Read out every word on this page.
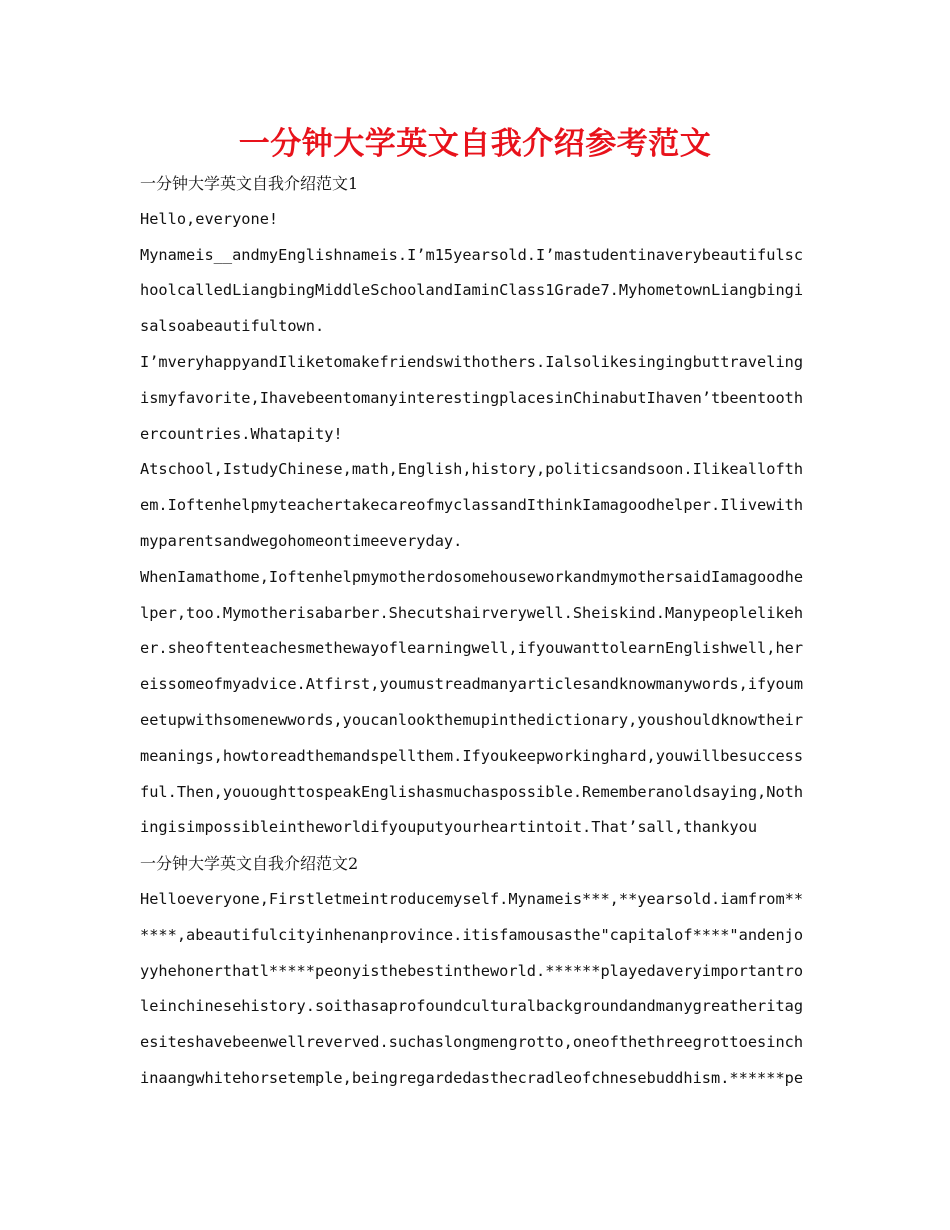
一分钟大学英文自我介绍参考范文

一分钟大学英文自我介绍范文1

Hello,everyone!

Mynameis__andmyEnglishnameis.I’m15yearsold.I’mastudentinaverybeautifulschoolcalledLiangbingMiddleSchoolandIaminClass1Grade7.MyhometownLiangbingisalsoabeautifultown.

I’mveryhappyandIliketomakefriendswithothers.Ialsolikesingingbuttravelingismyfavorite,IhavebeentomanyinterestingplacesinChinabutIhaven’tbeentoothercountries.Whatapity!

Atschool,IstudyChinese,math,English,history,politicsandsoon.Ilikeallofthem.IoftenhelpmyteachertakecareofmyclassandIthinkIamagoodhelper.Ilivewithmyparentsandwegohomeontimeeveryday.

WhenIamathome,IoftenhelpmymotherdosomehouseworkandmymothersaidIamagoodhelper,too.Mymotherisabarber.Shecutshairverywell.Sheiskind.Manypeoplelikeher.sheoftenteachesmethewayoflearningwell,ifyouwanttolearnEnglishwell,hereissomeofmyadvice.Atfirst,youmustreadmanyarticlesandknowmanywords,ifyoumeetupwithsomenewwords,youcanlookthemupinthedictionary,youshouldknowtheirmeanings,howtoreadthemandspellthem.Ifyoukeepworkinghard,youwillbesuccessful.Then,yououghttospeakEnglishasmuchaspossible.Rememberanoldsaying,Nothingisimpossibleintheworldifyouputyourheartintoit.That’sall,thankyou

一分钟大学英文自我介绍范文2

Helloeveryone,Firstletmeintroducemyself.Mynameis***,**yearsold.iamfrom******,abeautifulcityinhenanprovince.itisfamousasthe"capitalof****"andenjoyyhehonerthatl*****peonyisthebestintheworld.******playedaveryimportantroleinchinesehistory.soithasaprofoundculturalbackgroundandmanygreatheritagesiteshavebeenwellreverved.suchaslongmengrotto,oneofthethreegrottoesinchinaangwhitehorsetemple,beingregardedasthecradleofchnesebuddhism.******pe
